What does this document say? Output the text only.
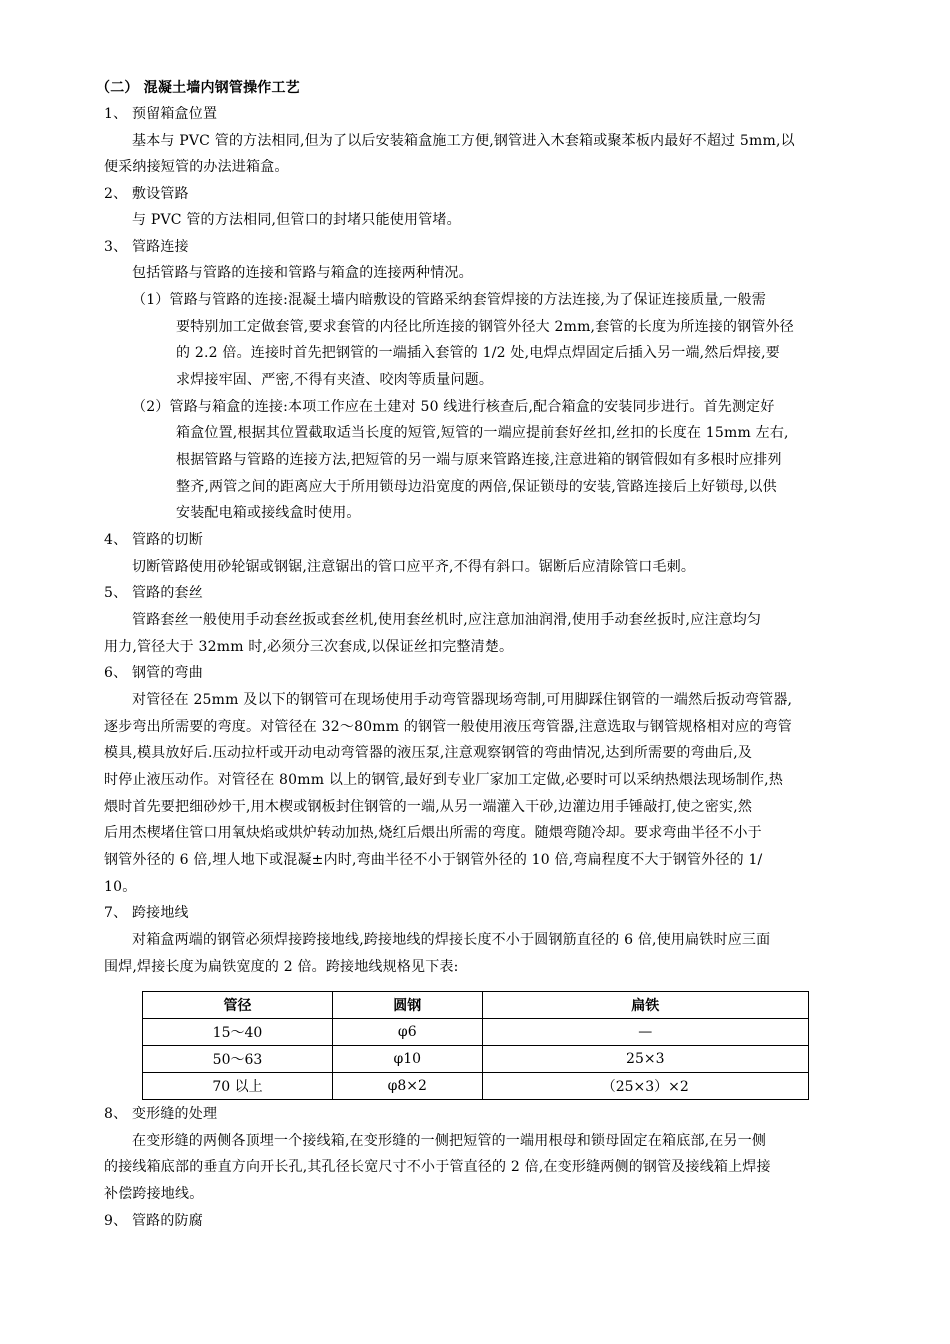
（二） 混凝土墙内钢管操作工艺
1、 预留箱盒位置
基本与 PVC 管的方法相同,但为了以后安装箱盒施工方便,钢管进入木套箱或聚苯板内最好不超过 5mm,以
便采纳接短管的办法进箱盒。
2、 敷设管路
与 PVC 管的方法相同,但管口的封堵只能使用管堵。
3、 管路连接
包括管路与管路的连接和管路与箱盒的连接两种情况。
（1）管路与管路的连接:混凝土墙内暗敷设的管路采纳套管焊接的方法连接,为了保证连接质量,一般需
要特别加工定做套管,要求套管的内径比所连接的钢管外径大 2mm,套管的长度为所连接的钢管外径
的 2.2 倍。连接时首先把钢管的一端插入套管的 1/2 处,电焊点焊固定后插入另一端,然后焊接,要
求焊接牢固、严密,不得有夹渣、咬肉等质量问题。
（2）管路与箱盒的连接:本项工作应在土建对 50 线进行核查后,配合箱盒的安装同步进行。首先测定好
箱盒位置,根据其位置截取适当长度的短管,短管的一端应提前套好丝扣,丝扣的长度在 15mm 左右,
根据管路与管路的连接方法,把短管的另一端与原来管路连接,注意进箱的钢管假如有多根时应排列
整齐,两管之间的距离应大于所用锁母边沿宽度的两倍,保证锁母的安装,管路连接后上好锁母,以供
安装配电箱或接线盒时使用。
4、 管路的切断
切断管路使用砂轮锯或钢锯,注意锯出的管口应平齐,不得有斜口。锯断后应清除管口毛刺。
5、 管路的套丝
管路套丝一般使用手动套丝扳或套丝机,使用套丝机时,应注意加油润滑,使用手动套丝扳时,应注意均匀
用力,管径大于 32mm 时,必须分三次套成,以保证丝扣完整清楚。
6、 钢管的弯曲
对管径在 25mm 及以下的钢管可在现场使用手动弯管器现场弯制,可用脚踩住钢管的一端然后扳动弯管器,
逐步弯出所需要的弯度。对管径在 32～80mm 的钢管一般使用液压弯管器,注意选取与钢管规格相对应的弯管
模具,模具放好后.压动拉杆或开动电动弯管器的液压泵,注意观察钢管的弯曲情况,达到所需要的弯曲后,及
时停止液压动作。对管径在 80mm 以上的钢管,最好到专业厂家加工定做,必要时可以采纳热煨法现场制作,热
煨时首先要把细砂炒干,用木楔或钢板封住钢管的一端,从另一端灌入干砂,边灌边用手锤敲打,使之密实,然
后用杰楔堵住管口用氧炔焰或烘炉转动加热,烧红后煨出所需的弯度。随煨弯随冷却。要求弯曲半径不小于
钢管外径的 6 倍,埋人地下或混凝±内时,弯曲半径不小于钢管外径的 10 倍,弯扁程度不大于钢管外径的 1/
10。
7、 跨接地线
对箱盒两端的钢管必须焊接跨接地线,跨接地线的焊接长度不小于圆钢筋直径的 6 倍,使用扁铁时应三面
围焊,焊接长度为扁铁宽度的 2 倍。跨接地线规格见下表:
管径	圆钢	扁铁
15～40	φ6	—
50～63	φ10	25×3
70 以上	φ8×2	（25×3）×2
8、 变形缝的处理
在变形缝的两侧各顶埋一个接线箱,在变形缝的一侧把短管的一端用根母和锁母固定在箱底部,在另一侧
的接线箱底部的垂直方向开长孔,其孔径长宽尺寸不小于管直径的 2 倍,在变形缝两侧的钢管及接线箱上焊接
补偿跨接地线。
9、 管路的防腐
